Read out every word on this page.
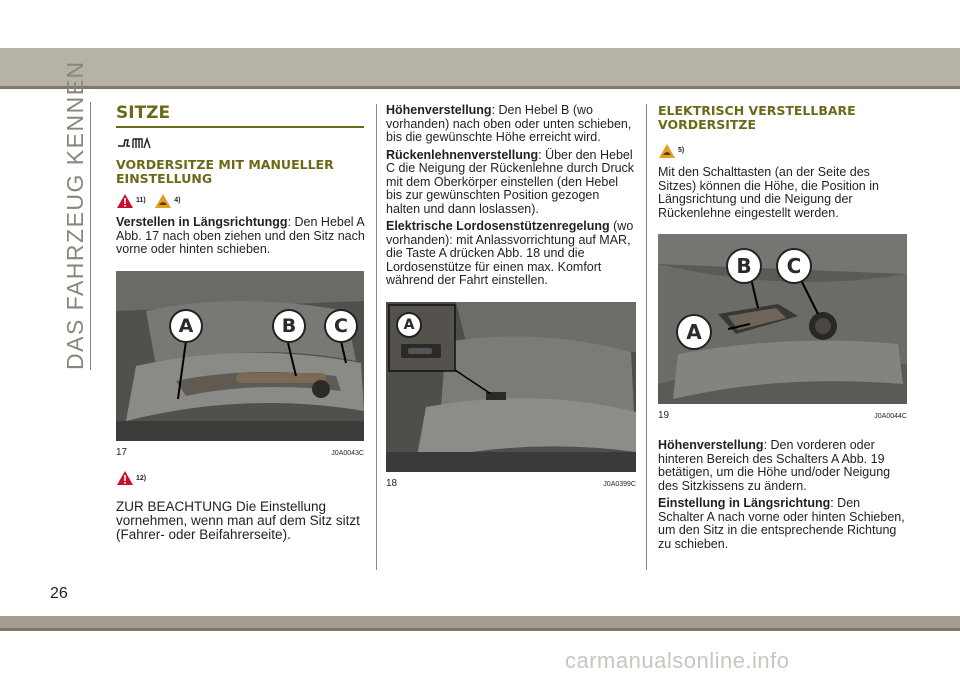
DAS FAHRZEUG KENNEN SITZE
VORDERSITZE MIT MANUELLER EINSTELLUNG
11)	4)

Verstellen in Längsrichtungg: Den Hebel A Abb. 17 nach oben ziehen und den Sitz nach vorne oder hinten schieben.

A	B	C
17	J0A0043C
12)

ZUR BEACHTUNG Die Einstellung vornehmen, wenn man auf dem Sitz sitzt (Fahrer- oder Beifahrerseite).

Höhenverstellung: Den Hebel B (wo vorhanden) nach oben oder unten schieben, bis die gewünschte Höhe erreicht wird.

Rückenlehnenverstellung: Über den Hebel C die Neigung der Rückenlehne durch Druck mit dem Oberkörper einstellen (den Hebel bis zur gewünschten Position gezogen halten und dann loslassen).

Elektrische Lordosenstützenregelung (wo vorhanden): mit Anlassvorrichtung auf MAR, die Taste A drücken Abb. 18 und die Lordosenstütze für einen max. Komfort während der Fahrt einstellen.

A
18	J0A0399C
ELEKTRISCH VERSTELLBARE VORDERSITZE
5)

Mit den Schalttasten (an der Seite des Sitzes) können die Höhe, die Position in Längsrichtung und die Neigung der Rückenlehne eingestellt werden.

B	C
A
19	J0A0044C

Höhenverstellung: Den vorderen oder hinteren Bereich des Schalters A Abb. 19 betätigen, um die Höhe und/oder Neigung des Sitzkissens zu ändern.

Einstellung in Längsrichtung: Den Schalter A nach vorne oder hinten Schieben, um den Sitz in die entsprechende Richtung zu schieben.

26
carmanualsonline.info
